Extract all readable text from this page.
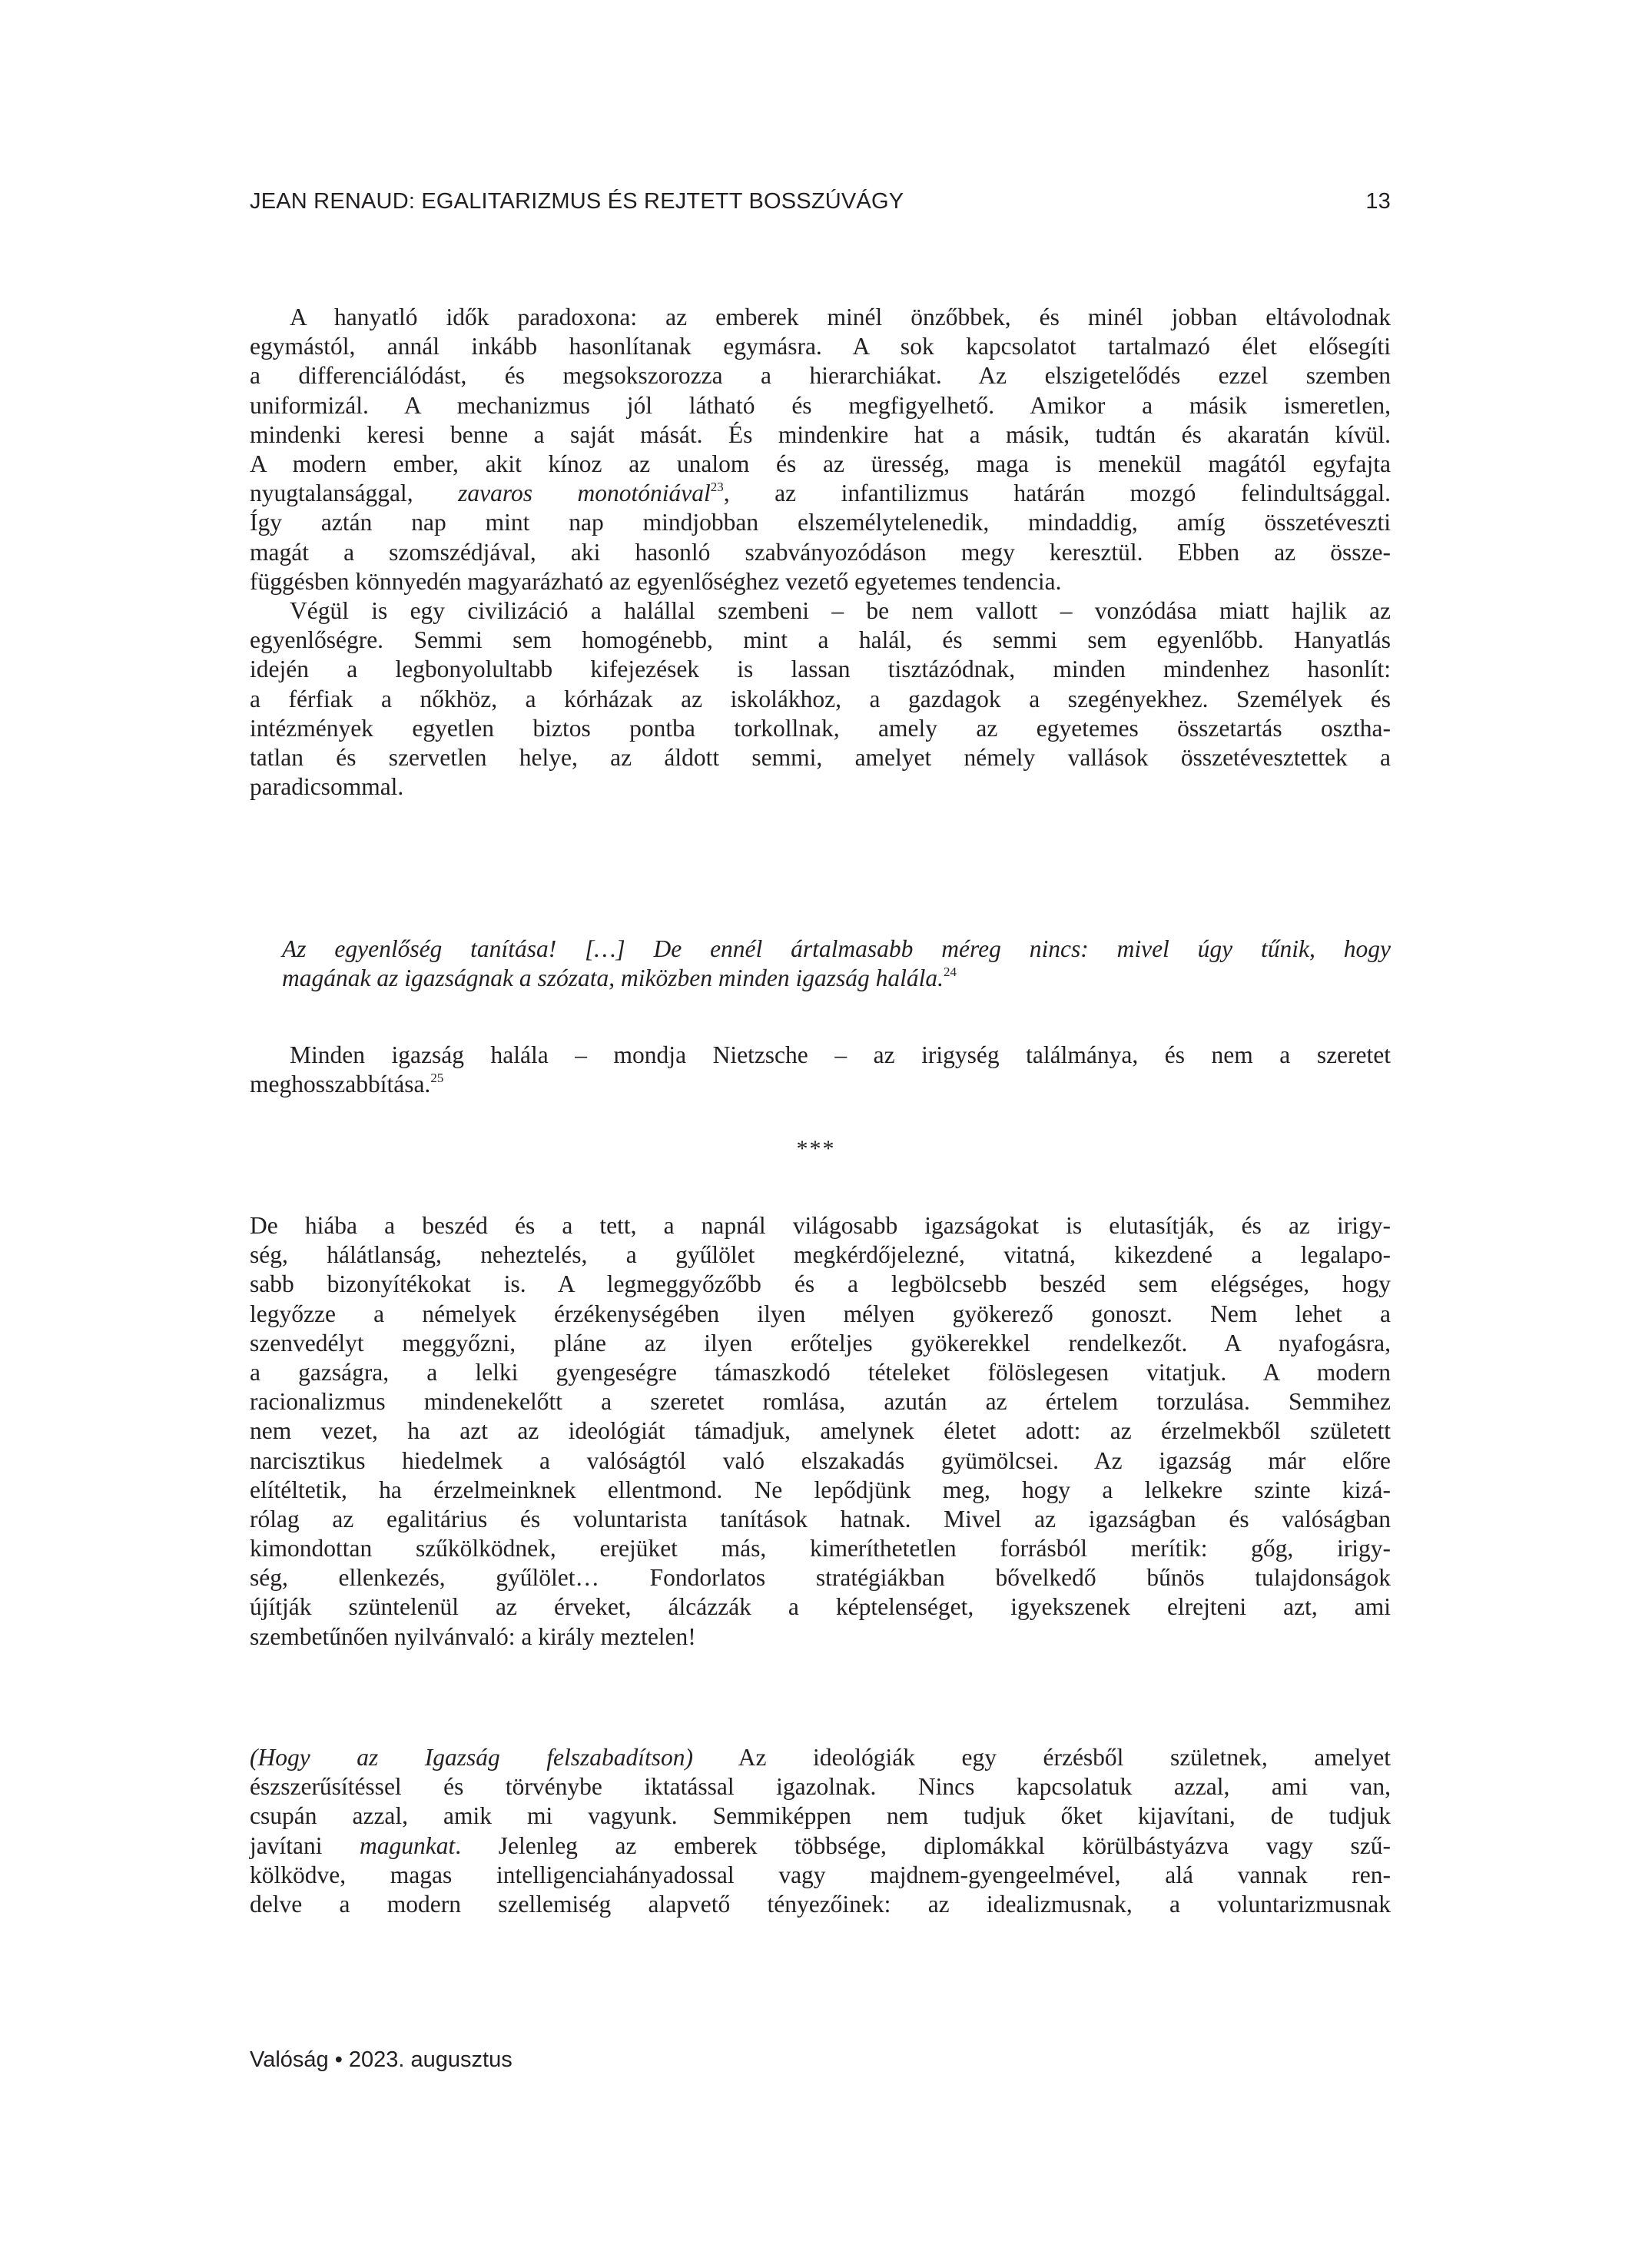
JEAN RENAUD: EGALITARIZMUS ÉS REJTETT BOSSZÚVÁGY	13
A hanyatló idők paradoxona: az emberek minél önzőbbek, és minél jobban eltávolodnak
egymástól, annál inkább hasonlítanak egymásra. A sok kapcsolatot tartalmazó élet elősegíti
a differenciálódást, és megsokszorozza a hierarchiákat. Az elszigetelődés ezzel szemben
uniformizál. A mechanizmus jól látható és megfigyelhető. Amikor a másik ismeretlen,
mindenki keresi benne a saját mását. És mindenkire hat a másik, tudtán és akaratán kívül.
A modern ember, akit kínoz az unalom és az üresség, maga is menekül magától egyfajta
nyugtalansággal, zavaros monotóniával$^{23}$, az infantilizmus határán mozgó felindultsággal.
Így aztán nap mint nap mindjobban elszemélytelenedik, mindaddig, amíg összetéveszti
magát a szomszédjával, aki hasonló szabványozódáson megy keresztül. Ebben az össze-
függésben könnyedén magyarázható az egyenlőséghez vezető egyetemes tendencia.
Végül is egy civilizáció a halállal szembeni – be nem vallott – vonzódása miatt hajlik az
egyenlőségre. Semmi sem homogénebb, mint a halál, és semmi sem egyenlőbb. Hanyatlás
idején a legbonyolultabb kifejezések is lassan tisztázódnak, minden mindenhez hasonlít:
a férfiak a nőkhöz, a kórházak az iskolákhoz, a gazdagok a szegényekhez. Személyek és
intézmények egyetlen biztos pontba torkollnak, amely az egyetemes összetartás osztha-
tatlan és szervetlen helye, az áldott semmi, amelyet némely vallások összetévesztettek a
paradicsommal.
Az egyenlőség tanítása! […] De ennél ártalmasabb méreg nincs: mivel úgy tűnik, hogy
magának az igazságnak a szózata, miközben minden igazság halála.$^{24}$
Minden igazság halála – mondja Nietzsche – az irigység találmánya, és nem a szeretet
meghosszabbítása.$^{25}$
***
De hiába a beszéd és a tett, a napnál világosabb igazságokat is elutasítják, és az irigy-
ség, hálátlanság, neheztelés, a gyűlölet megkérdőjelezné, vitatná, kikezdené a legalapo-
sabb bizonyítékokat is. A legmeggyőzőbb és a legbölcsebb beszéd sem elégséges, hogy
legyőzze a némelyek érzékenységében ilyen mélyen gyökerező gonoszt. Nem lehet a
szenvedélyt meggyőzni, pláne az ilyen erőteljes gyökerekkel rendelkezőt. A nyafogásra,
a gazságra, a lelki gyengeségre támaszkodó tételeket fölöslegesen vitatjuk. A modern
racionalizmus mindenekelőtt a szeretet romlása, azután az értelem torzulása. Semmihez
nem vezet, ha azt az ideológiát támadjuk, amelynek életet adott: az érzelmekből született
narcisztikus hiedelmek a valóságtól való elszakadás gyümölcsei. Az igazság már előre
elítéltetik, ha érzelmeinknek ellentmond. Ne lepődjünk meg, hogy a lelkekre szinte kizá-
rólag az egalitárius és voluntarista tanítások hatnak. Mivel az igazságban és valóságban
kimondottan szűkölködnek, erejüket más, kimeríthetetlen forrásból merítik: gőg, irigy-
ség, ellenkezés, gyűlölet… Fondorlatos stratégiákban bővelkedő bűnös tulajdonságok
újítják szüntelenül az érveket, álcázzák a képtelenséget, igyekszenek elrejteni azt, ami
szembetűnően nyilvánvaló: a király meztelen!
(Hogy az Igazság felszabadítson) Az ideológiák egy érzésből születnek, amelyet
észszerűsítéssel és törvénybe iktatással igazolnak. Nincs kapcsolatuk azzal, ami van,
csupán azzal, amik mi vagyunk. Semmiképpen nem tudjuk őket kijavítani, de tudjuk
javítani magunkat. Jelenleg az emberek többsége, diplomákkal körülbástyázva vagy szű-
kölködve, magas intelligenciahányadossal vagy majdnem-gyengeelmével, alá vannak ren-
delve a modern szellemiség alapvető tényezőinek: az idealizmusnak, a voluntarizmusnak
Valóság • 2023. augusztus
